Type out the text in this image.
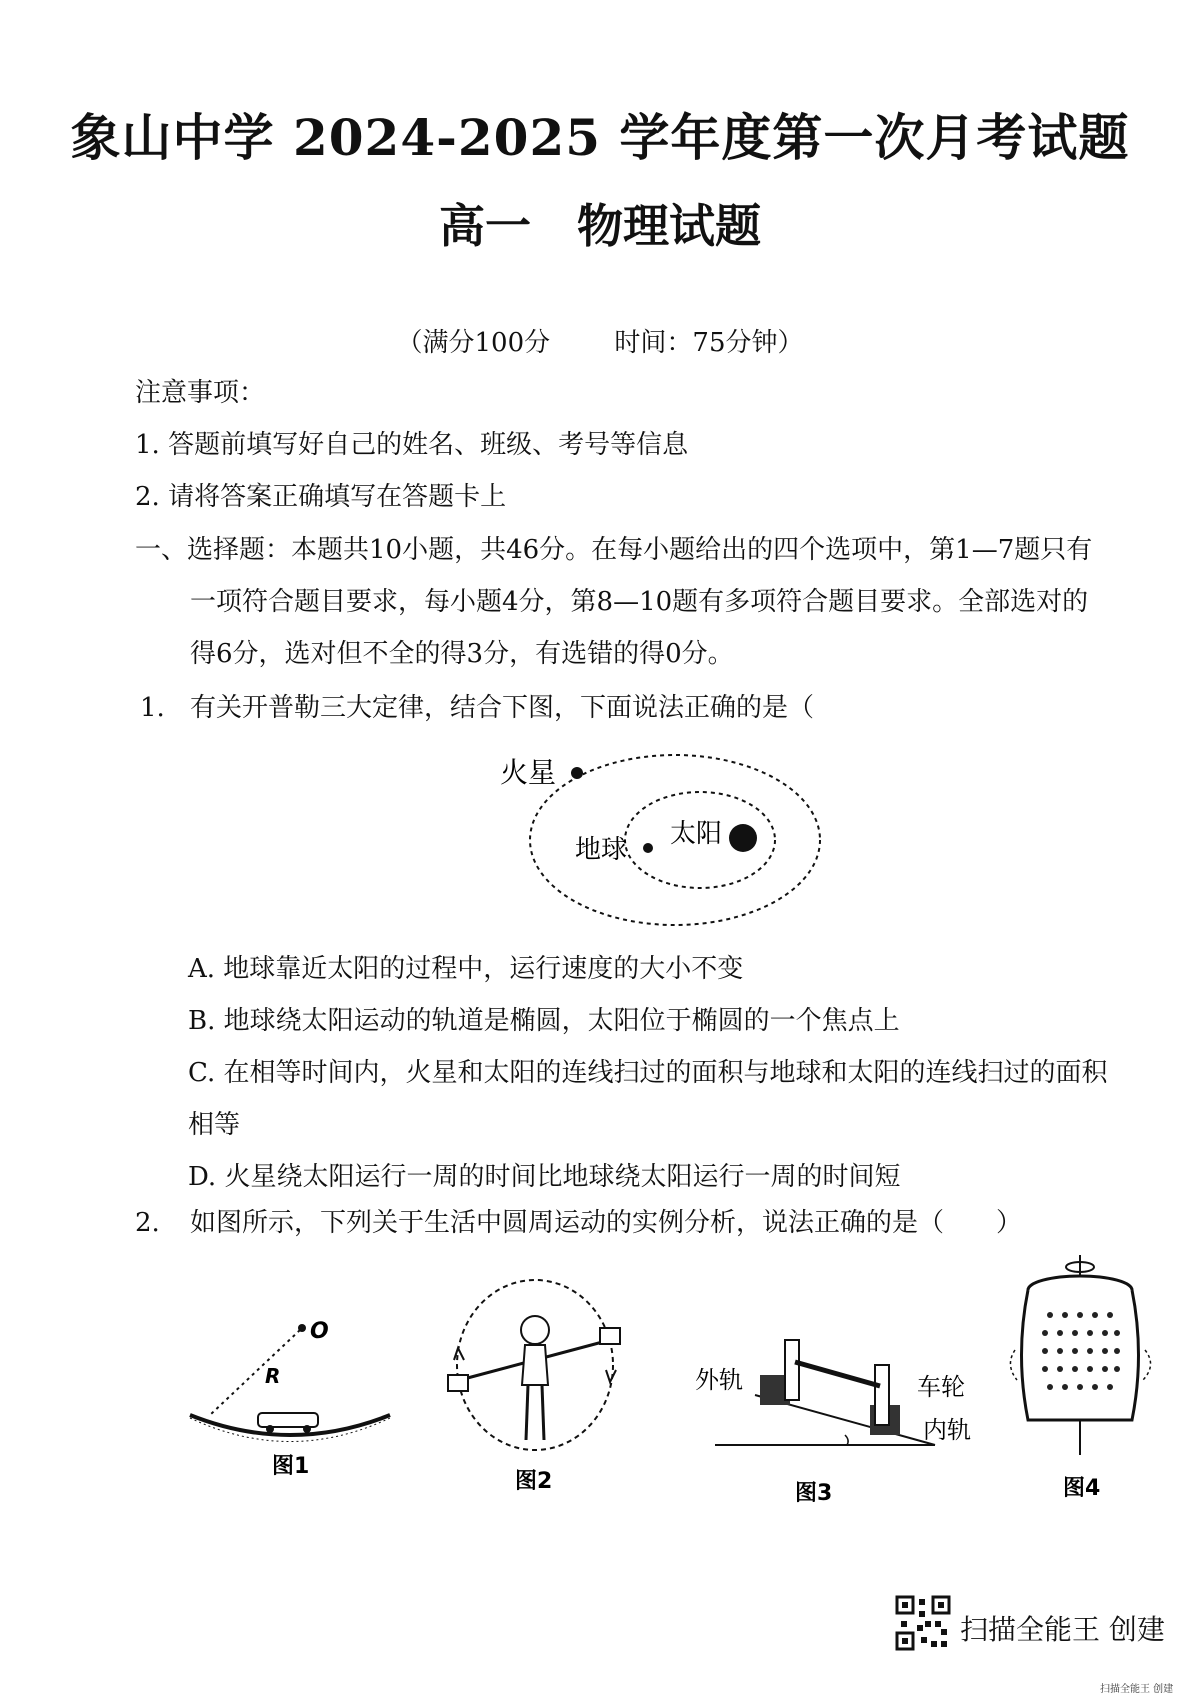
象山中学 2024-2025 学年度第一次月考试题
高一　物理试题
（满分100分 时间：75分钟）
注意事项：
1. 答题前填写好自己的姓名、班级、考号等信息
2. 请将答案正确填写在答题卡上
一、选择题：本题共10小题，共46分。在每小题给出的四个选项中，第1—7题只有
一项符合题目要求，每小题4分，第8—10题有多项符合题目要求。全部选对的
得6分，选对但不全的得3分，有选错的得0分。
1. 有关开普勒三大定律，结合下图，下面说法正确的是（
火星
地球
太阳
A. 地球靠近太阳的过程中，运行速度的大小不变
B. 地球绕太阳运动的轨道是椭圆，太阳位于椭圆的一个焦点上
C. 在相等时间内，火星和太阳的连线扫过的面积与地球和太阳的连线扫过的面积
相等
D. 火星绕太阳运行一周的时间比地球绕太阳运行一周的时间短
2. 如图所示，下列关于生活中圆周运动的实例分析，说法正确的是（　　）
O
R
图1
图2
外轨	车轮
内轨
图3	图4
扫描全能王 创建
扫描全能王 创建
